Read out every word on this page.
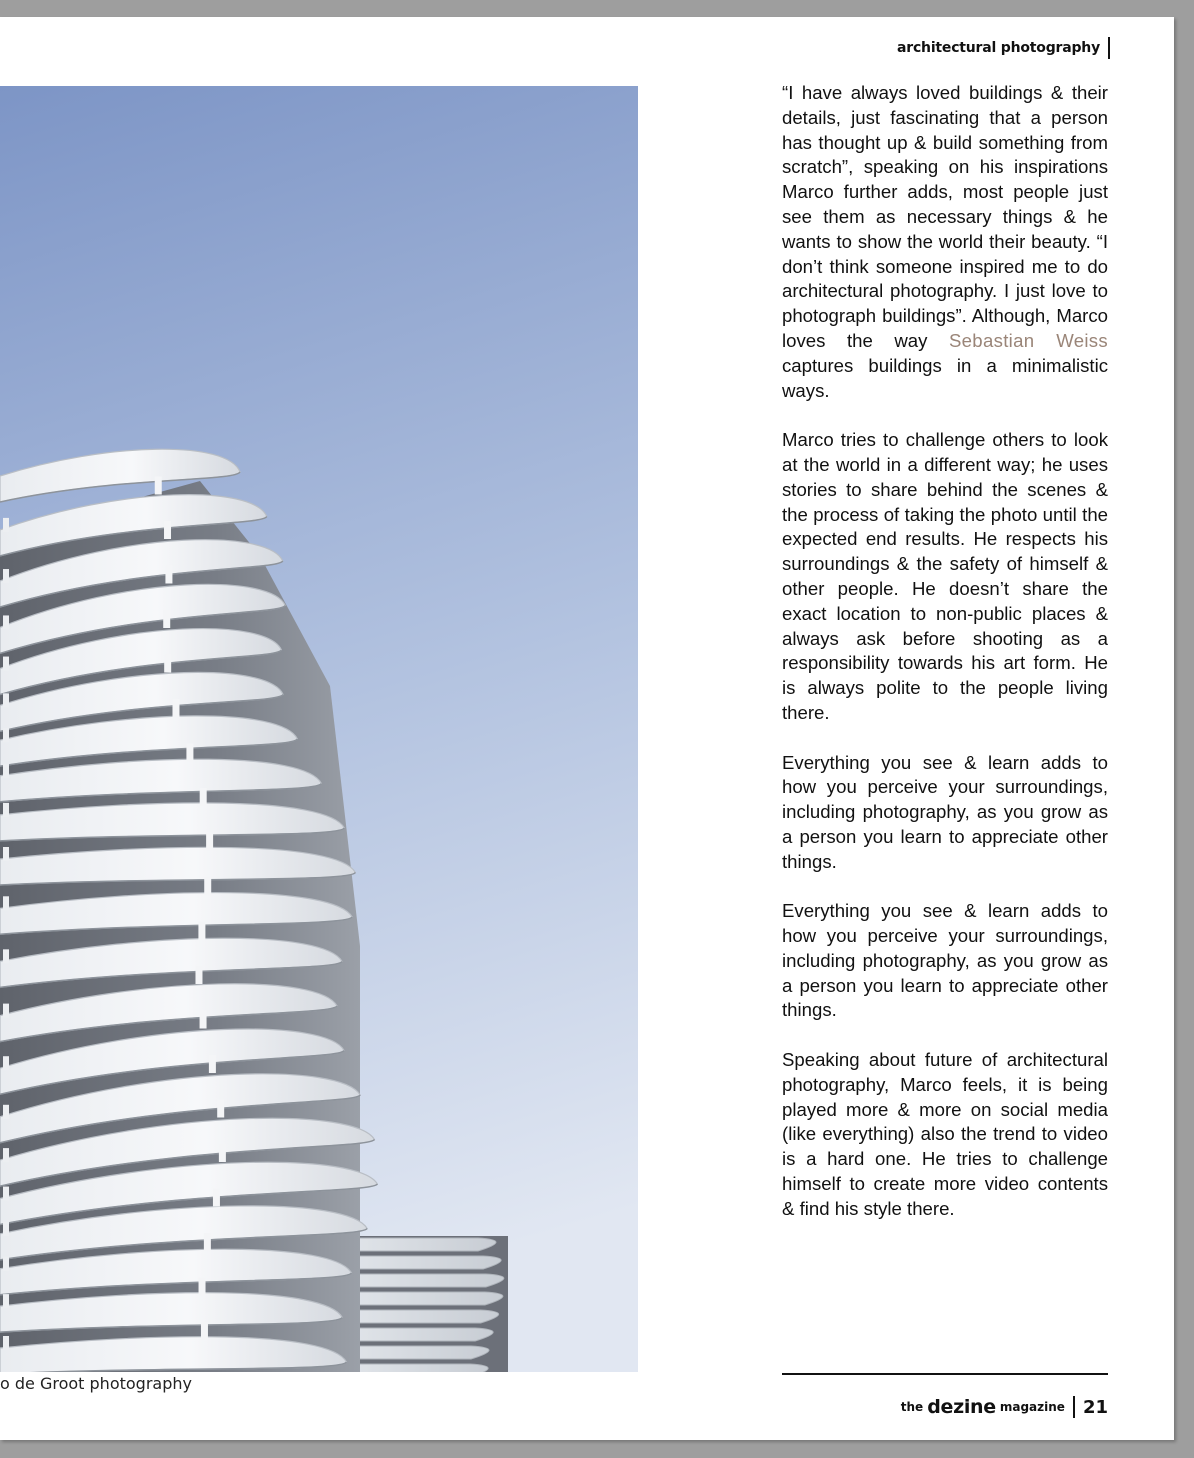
architectural photography
o de Groot photography

“I have always loved buildings & their details, just fascinating that a person has thought up & build something from scratch”, speaking on his inspirations Marco further adds, most people just see them as necessary things & he wants to show the world their beauty. “I don’t think someone inspired me to do architectural photography. I just love to photograph buildings”. Although, Marco loves the way Sebastian Weiss captures buildings in a minimalistic ways.

Marco tries to challenge others to look at the world in a different way; he uses stories to share behind the scenes & the process of taking the photo until the expected end results. He respects his surroundings & the safety of himself & other people. He doesn’t share the exact location to non-public places & always ask before shooting as a responsibility towards his art form. He is always polite to the people living there.

Everything you see & learn adds to how you perceive your surroundings, including photography, as you grow as a person you learn to appreciate other things.

Everything you see & learn adds to how you perceive your surroundings, including photography, as you grow as a person you learn to appreciate other things.

Speaking about future of architectural photography, Marco feels, it is being played more & more on social media (like everything) also the trend to video is a hard one. He tries to challenge himself to create more video contents & find his style there.

the dezine magazine 21
